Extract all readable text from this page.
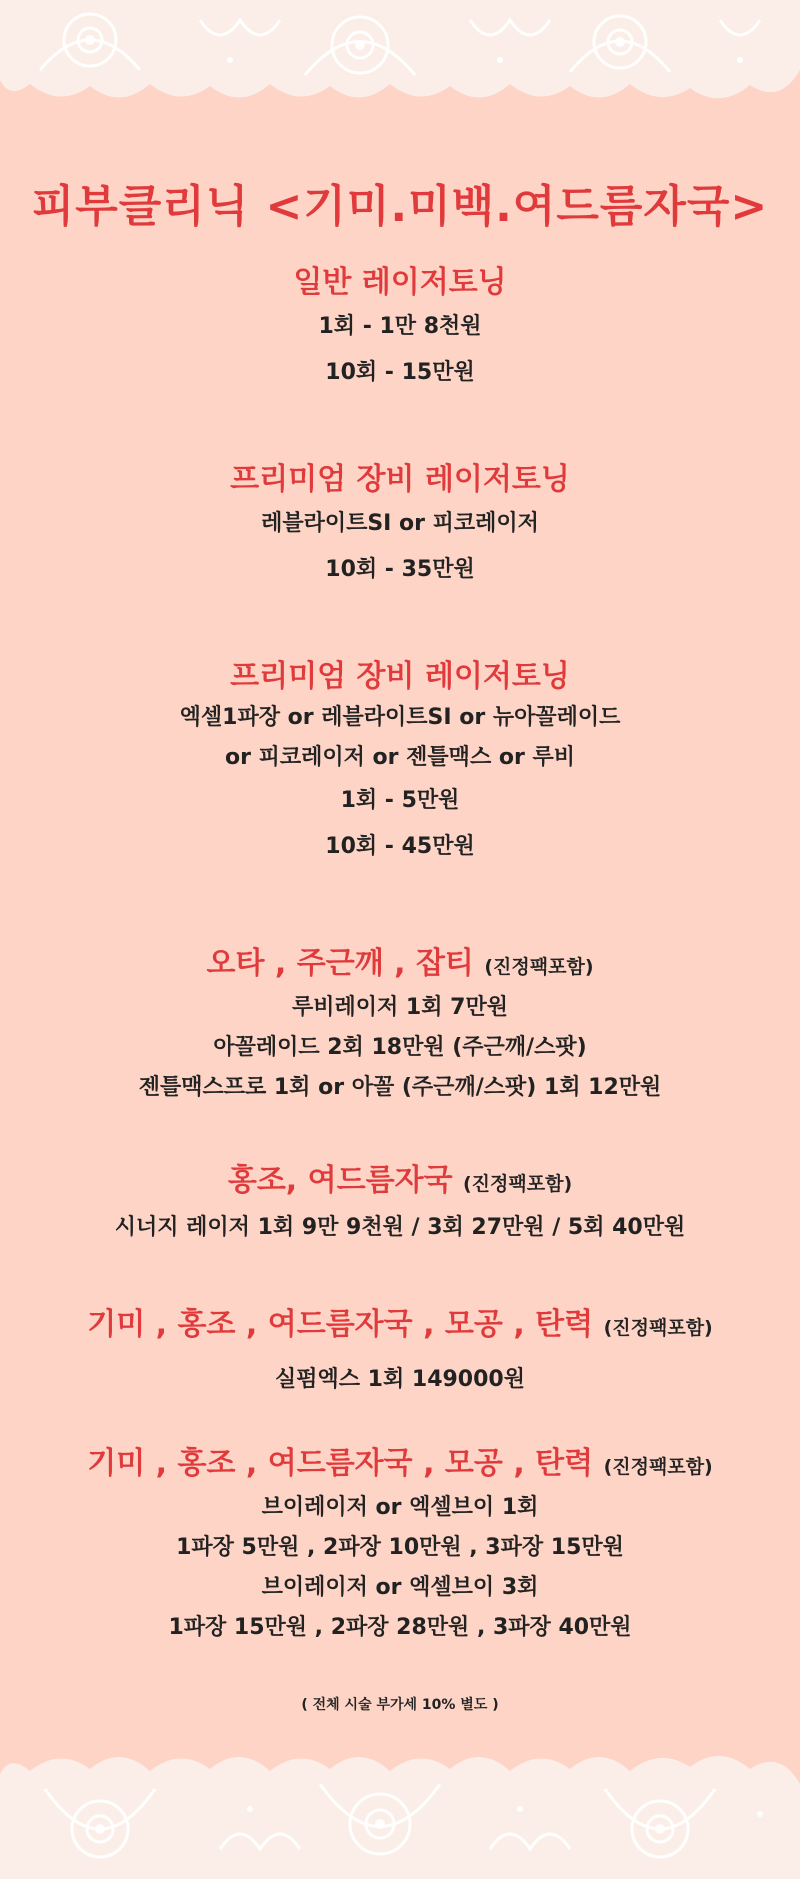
피부클리닉 <기미.미백.여드름자국>
일반 레이저토닝
1회 - 1만 8천원
10회 - 15만원
프리미엄 장비 레이저토닝
레블라이트SI or 피코레이저
10회 - 35만원
프리미엄 장비 레이저토닝
엑셀1파장 or 레블라이트SI or 뉴아꼴레이드
or 피코레이저 or 젠틀맥스 or 루비
1회 - 5만원
10회 - 45만원
오타 , 주근깨 , 잡티 (진정팩포함)
루비레이저 1회 7만원
아꼴레이드 2회 18만원 (주근깨/스팟)
젠틀맥스프로 1회 or 아꼴 (주근깨/스팟) 1회 12만원
홍조, 여드름자국 (진정팩포함)
시너지 레이저 1회 9만 9천원 / 3회 27만원 / 5회 40만원
기미 , 홍조 , 여드름자국 , 모공 , 탄력 (진정팩포함)
실펌엑스 1회 149000원
기미 , 홍조 , 여드름자국 , 모공 , 탄력 (진정팩포함)
브이레이저 or 엑셀브이 1회
1파장 5만원 , 2파장 10만원 , 3파장 15만원
브이레이저 or 엑셀브이 3회
1파장 15만원 , 2파장 28만원 , 3파장 40만원
( 전체 시술 부가세 10% 별도 )
